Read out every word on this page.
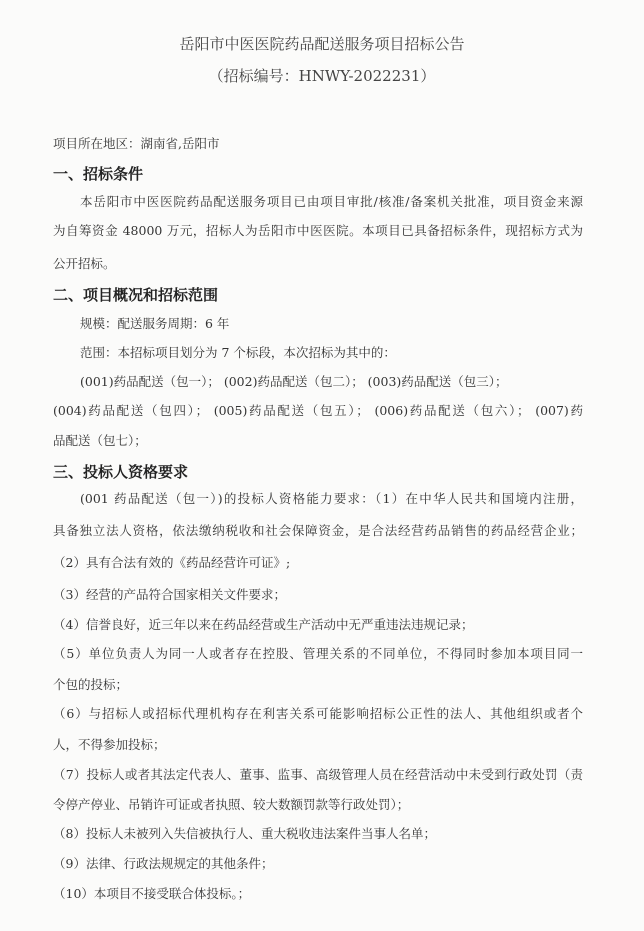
岳阳市中医医院药品配送服务项目招标公告
（招标编号：HNWY-2022231）
项目所在地区：湖南省,岳阳市
一、招标条件
本岳阳市中医医院药品配送服务项目已由项目审批/核准/备案机关批准，项目资金来源
为自筹资金 48000 万元，招标人为岳阳市中医医院。本项目已具备招标条件，现招标方式为
公开招标。
二、项目概况和招标范围
规模：配送服务周期：6 年
范围：本招标项目划分为 7 个标段，本次招标为其中的：
(001)药品配送（包一）； (002)药品配送（包二）； (003)药品配送（包三）；
(004)药品配送（包四）； (005)药品配送（包五）； (006)药品配送（包六）； (007)药
品配送（包七）；
三、投标人资格要求
(001 药品配送（包一）)的投标人资格能力要求：（1）在中华人民共和国境内注册，
具备独立法人资格，依法缴纳税收和社会保障资金，是合法经营药品销售的药品经营企业；
（2）具有合法有效的《药品经营许可证》;
（3）经营的产品符合国家相关文件要求；
（4）信誉良好，近三年以来在药品经营或生产活动中无严重违法违规记录；
（5）单位负责人为同一人或者存在控股、管理关系的不同单位，不得同时参加本项目同一
个包的投标；
（6）与招标人或招标代理机构存在利害关系可能影响招标公正性的法人、其他组织或者个
人，不得参加投标；
（7）投标人或者其法定代表人、董事、监事、高级管理人员在经营活动中未受到行政处罚（责
令停产停业、吊销许可证或者执照、较大数额罚款等行政处罚）；
（8）投标人未被列入失信被执行人、重大税收违法案件当事人名单；
（9）法律、行政法规规定的其他条件；
（10）本项目不接受联合体投标。；
